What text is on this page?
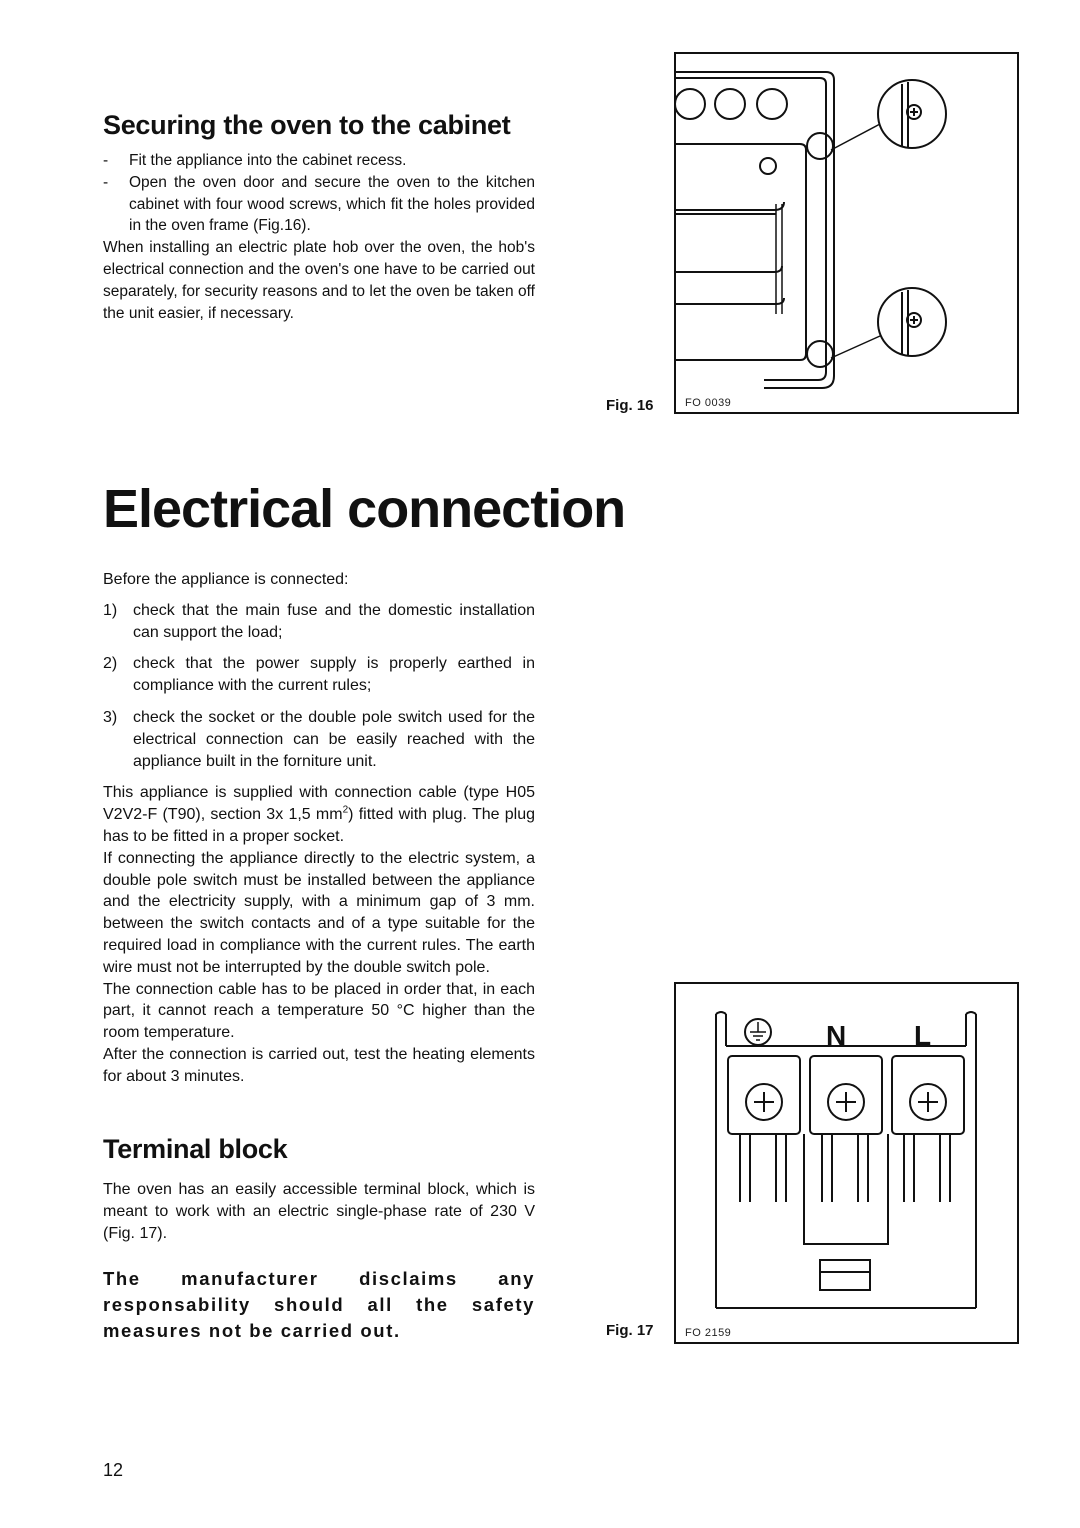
Securing the oven to the cabinet
-	Fit the appliance into the cabinet recess.
-	Open the oven door and secure the oven to the kitchen cabinet with four wood screws, which fit the holes provided in the oven frame (Fig.16).
When installing an electric plate hob over the oven, the hob's electrical connection and the oven's one have to be carried out separately, for security reasons and to let the oven be taken off the unit easier, if necessary.
Fig. 16	FO 0039
Electrical connection
Before the appliance is connected:
1) check that the main fuse and the domestic installation can support the load;
2) check that the power supply is properly earthed in compliance with the current rules;
3) check the socket or the double pole switch used for the electrical connection can be easily reached with the appliance built in the forniture unit.
This appliance is supplied with connection cable (type H05 V2V2-F (T90), section 3x 1,5 $mm^2$) fitted with plug. The plug has to be fitted in a proper socket.
If connecting the appliance directly to the electric system, a double pole switch must be installed between the appliance and the electricity supply, with a minimum gap of 3 mm. between the switch contacts and of a type suitable for the required load in compliance with the current rules. The earth wire must not be interrupted by the double switch pole.
The connection cable has to be placed in order that, in each part, it cannot reach a temperature 50 °C higher than the room temperature.
After the connection is carried out, test the heating elements for about 3 minutes.
Terminal block
The oven has an easily accessible terminal block, which is meant to work with an electric single-phase rate of 230 V (Fig. 17).
The manufacturer disclaims any responsability should all the safety measures not be carried out.
N L
Fig. 17	FO 2159
12
